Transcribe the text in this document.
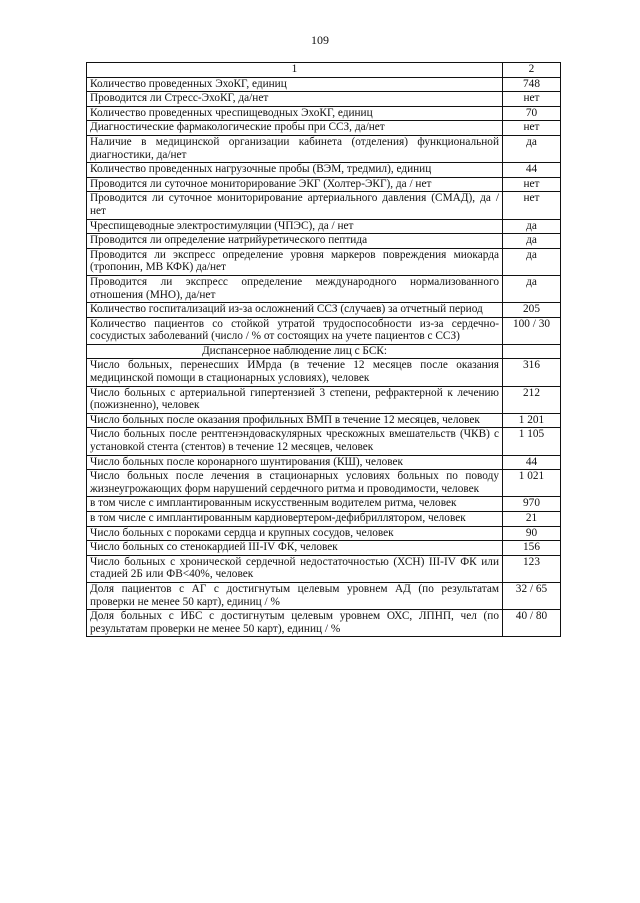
109
1	2
Количество проведенных ЭхоКГ, единиц	748
Проводится ли Стресс-ЭхоКГ, да/нет	нет
Количество проведенных чреспищеводных ЭхоКГ, единиц	70
Диагностические фармакологические пробы при ССЗ, да/нет	нет
Наличие в медицинской организации кабинета (отделения) функциональной диагностики, да/нет	да
Количество проведенных нагрузочные пробы (ВЭМ, тредмил), единиц	44
Проводится ли суточное мониторирование ЭКГ (Холтер-ЭКГ), да / нет	нет
Проводится ли суточное мониторирование артериального давления (СМАД), да / нет	нет
Чреспищеводные электростимуляции (ЧПЭС), да / нет	да
Проводится ли определение натрийуретического пептида	да
Проводится ли экспресс определение уровня маркеров повреждения миокарда (тропонин, МВ КФК) да/нет	да
Проводится ли экспресс определение международного нормализованного отношения (МНО), да/нет	да
Количество госпитализаций из-за осложнений ССЗ (случаев) за отчетный период	205
Количество пациентов со стойкой утратой трудоспособности из-за сердечно-сосудистых заболеваний (число / % от состоящих на учете пациентов с ССЗ)	100 / 30
Диспансерное наблюдение лиц с БСК:	
Число больных, перенесших ИМрда (в течение 12 месяцев после оказания медицинской помощи в стационарных условиях), человек	316
Число больных с артериальной гипертензией 3 степени, рефрактерной к лечению (пожизненно), человек	212
Число больных после оказания профильных ВМП в течение 12 месяцев, человек	1 201
Число больных после рентгенэндоваскулярных чрескожных вмешательств (ЧКВ) с установкой стента (стентов) в течение 12 месяцев, человек	1 105
Число больных после коронарного шунтирования (КШ), человек	44
Число больных после лечения в стационарных условиях больных по поводу жизнеугрожающих форм нарушений сердечного ритма и проводимости, человек	1 021
в том числе с имплантированным искусственным водителем ритма, человек	970
в том числе с имплантированным кардиовертером-дефибриллятором, человек	21
Число больных с пороками сердца и крупных сосудов, человек	90
Число больных со стенокардией III-IV ФК, человек	156
Число больных с хронической сердечной недостаточностью (ХСН) III-IV ФК или стадией 2Б или ФВ<40%, человек	123
Доля пациентов с АГ с достигнутым целевым уровнем АД (по результатам проверки не менее 50 карт), единиц / %	32 / 65
Доля больных с ИБС с достигнутым целевым уровнем ОХС, ЛПНП, чел (по результатам проверки не менее 50 карт), единиц / %	40 / 80
